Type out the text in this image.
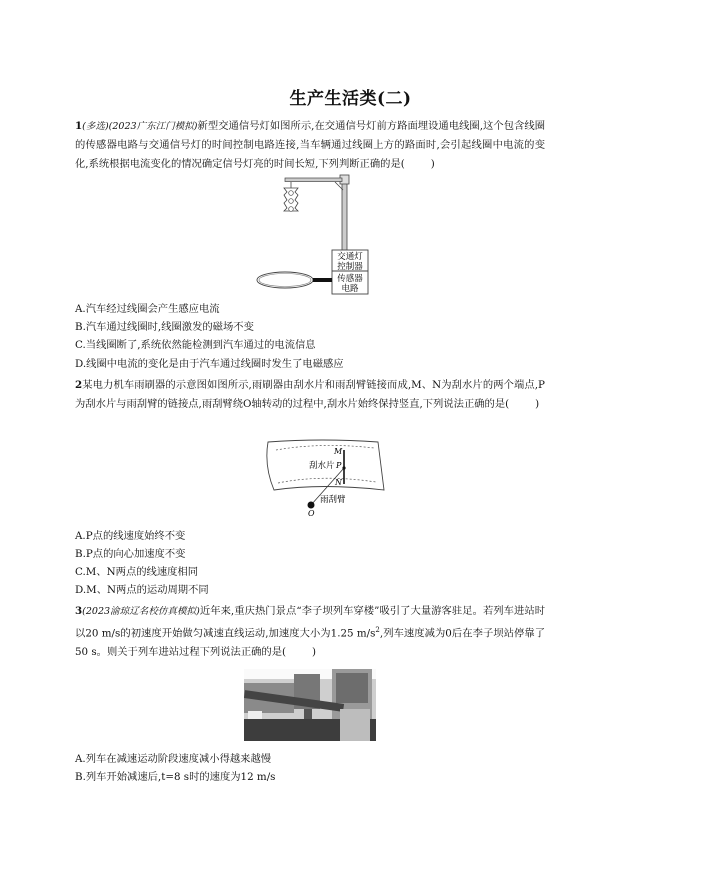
生产生活类(二)
1(多选)(2023广东江门模拟)新型交通信号灯如图所示,在交通信号灯前方路面埋设通电线圈,这个包含线圈的传感器电路与交通信号灯的时间控制电路连接,当车辆通过线圈上方的路面时,会引起线圈中电流的变化,系统根据电流变化的情况确定信号灯亮的时间长短,下列判断正确的是(	)
交通灯
控制器
传感器
电路
A.汽车经过线圈会产生感应电流
B.汽车通过线圈时,线圈激发的磁场不变
C.当线圈断了,系统依然能检测到汽车通过的电流信息
D.线圈中电流的变化是由于汽车通过线圈时发生了电磁感应
2某电力机车雨刷器的示意图如图所示,雨刷器由刮水片和雨刮臂链接而成,M、N为刮水片的两个端点,P为刮水片与雨刮臂的链接点,雨刮臂绕O轴转动的过程中,刮水片始终保持竖直,下列说法正确的是(	)
刮水片
M
P
N
雨刮臂
O
A.P点的线速度始终不变
B.P点的向心加速度不变
C.M、N两点的线速度相同
D.M、N两点的运动周期不同
3(2023渝琼辽名校仿真模拟)近年来,重庆热门景点“李子坝列车穿楼”吸引了大量游客驻足。若列车进站时以20 m/s的初速度开始做匀减速直线运动,加速度大小为1.25 $m/s^2$,列车速度减为0后在李子坝站停靠了50 s。则关于列车进站过程下列说法正确的是(	)
A.列车在减速运动阶段速度减小得越来越慢
B.列车开始减速后,t=8 s时的速度为12 m/s
